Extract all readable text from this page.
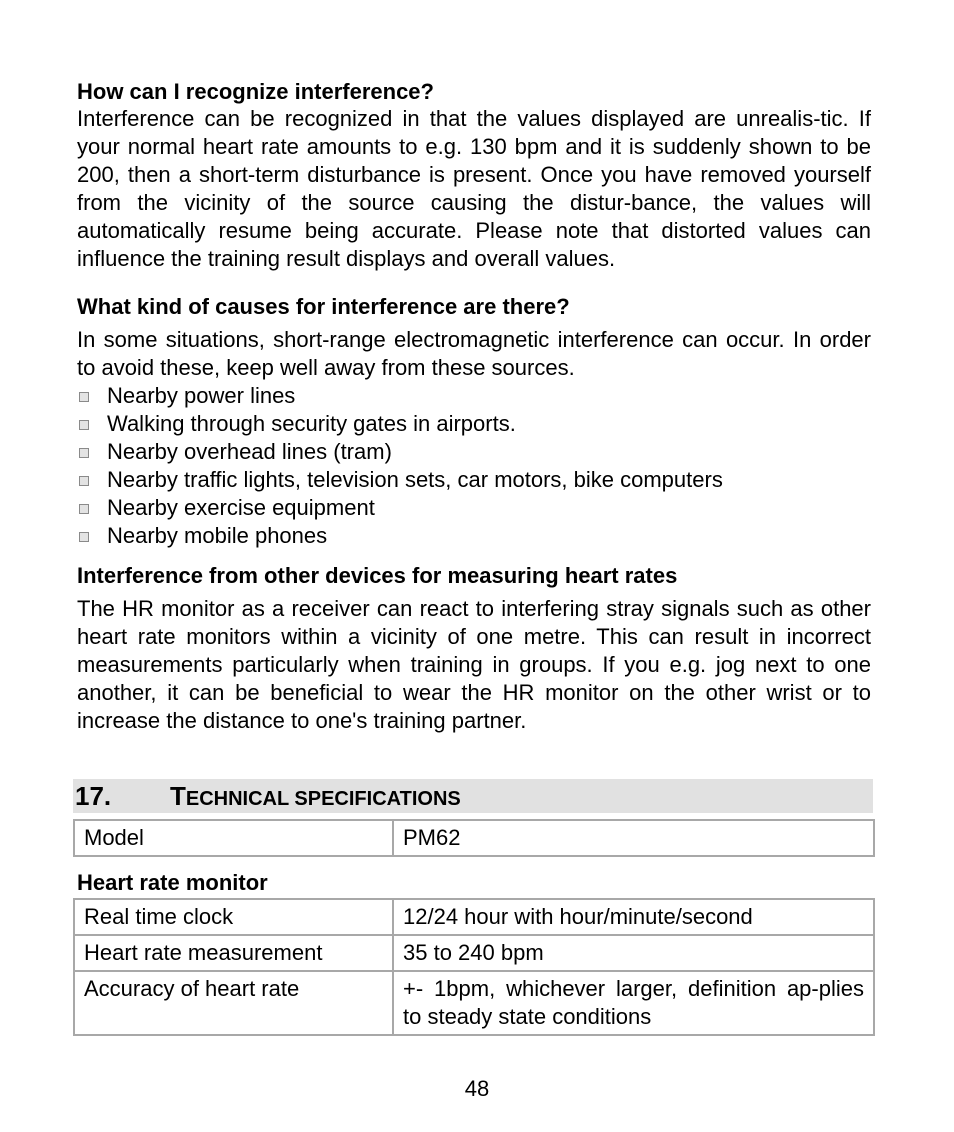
How can I recognize interference?

Interference can be recognized in that the values displayed are unrealis-tic. If your normal heart rate amounts to e.g. 130 bpm and it is suddenly shown to be 200, then a short-term disturbance is present. Once you have removed yourself from the vicinity of the source causing the distur-bance, the values will automatically resume being accurate. Please note that distorted values can influence the training result displays and overall values.

What kind of causes for interference are there?

In some situations, short-range electromagnetic interference can occur. In order to avoid these, keep well away from these sources.

Nearby power lines
Walking through security gates in airports.
Nearby overhead lines (tram)
Nearby traffic lights, television sets, car motors, bike computers
Nearby exercise equipment
Nearby mobile phones
Interference from other devices for measuring heart rates

The HR monitor as a receiver can react to interfering stray signals such as other heart rate monitors within a vicinity of one metre. This can result in incorrect measurements particularly when training in groups. If you e.g. jog next to one another, it can be beneficial to wear the HR monitor on the other wrist or to increase the distance to one's training partner.

17.	TECHNICAL SPECIFICATIONS
Model	PM62
Heart rate monitor
Real time clock	12/24 hour with hour/minute/second
Heart rate measurement	35 to 240 bpm
Accuracy of heart rate	+- 1bpm, whichever larger, definition ap-plies to steady state conditions
48
